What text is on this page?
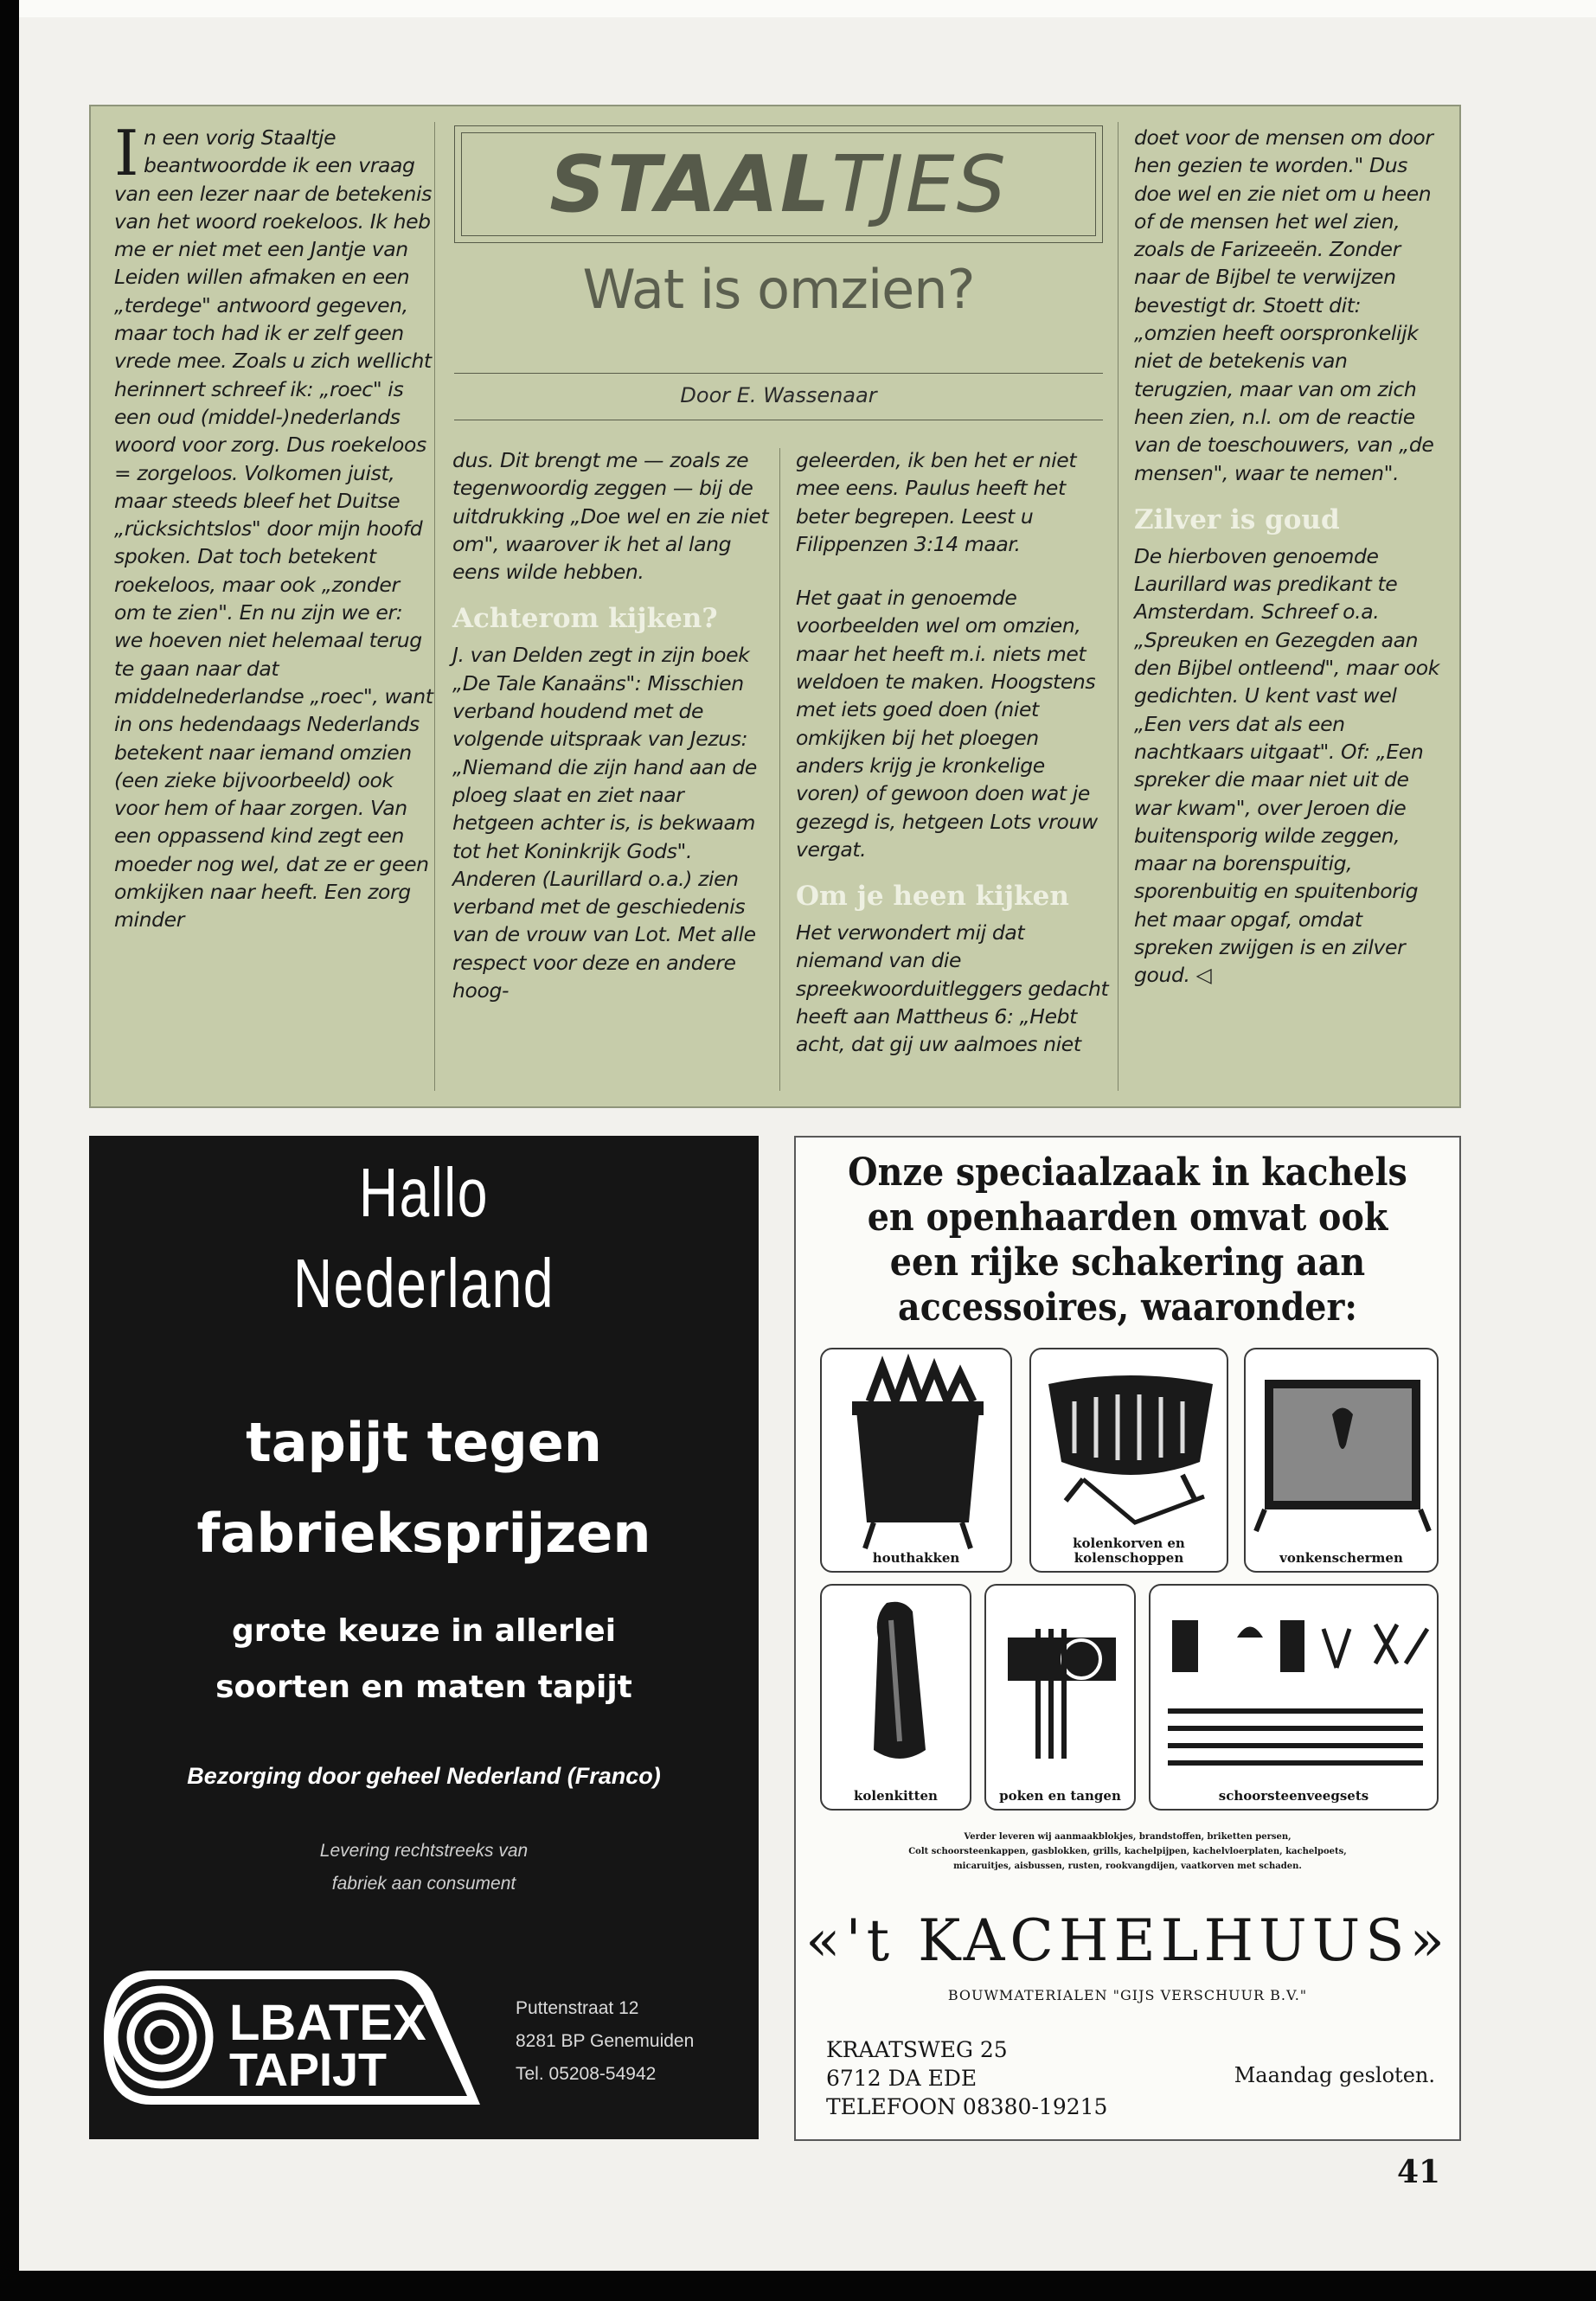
In een vorig Staaltje beantwoordde ik een vraag van een lezer naar de betekenis van het woord roekeloos. Ik heb me er niet met een Jantje van Leiden willen afmaken en een „terdege" antwoord gegeven, maar toch had ik er zelf geen vrede mee. Zoals u zich wellicht herinnert schreef ik: „roec" is een oud (middel-)nederlands woord voor zorg. Dus roekeloos = zorgeloos. Volkomen juist, maar steeds bleef het Duitse „rücksichtslos" door mijn hoofd spoken. Dat toch betekent roekeloos, maar ook „zonder om te zien". En nu zijn we er: we hoeven niet helemaal terug te gaan naar dat middelnederlandse „roec", want in ons hedendaags Nederlands betekent naar iemand omzien (een zieke bijvoorbeeld) ook voor hem of haar zorgen. Van een oppassend kind zegt een moeder nog wel, dat ze er geen omkijken naar heeft. Een zorg minder

STAALTJES
Wat is omzien?
Door E. Wassenaar

dus. Dit brengt me — zoals ze tegenwoordig zeggen — bij de uitdrukking „Doe wel en zie niet om", waarover ik het al lang eens wilde hebben.

Achterom kijken?

J. van Delden zegt in zijn boek „De Tale Kanaäns": Misschien verband houdend met de volgende uitspraak van Jezus: „Niemand die zijn hand aan de ploeg slaat en ziet naar hetgeen achter is, is bekwaam tot het Koninkrijk Gods". Anderen (Laurillard o.a.) zien verband met de geschiedenis van de vrouw van Lot. Met alle respect voor deze en andere hoog-

geleerden, ik ben het er niet mee eens. Paulus heeft het beter begrepen. Leest u Filippenzen 3:14 maar.

Het gaat in genoemde voorbeelden wel om omzien, maar het heeft m.i. niets met weldoen te maken. Hoogstens met iets goed doen (niet omkijken bij het ploegen anders krijg je kronkelige voren) of gewoon doen wat je gezegd is, hetgeen Lots vrouw vergat.

Om je heen kijken

Het verwondert mij dat niemand van die spreekwoorduitleggers gedacht heeft aan Mattheus 6: „Hebt acht, dat gij uw aalmoes niet

doet voor de mensen om door hen gezien te worden." Dus doe wel en zie niet om u heen of de mensen het wel zien, zoals de Farizeeën. Zonder naar de Bijbel te verwijzen bevestigt dr. Stoett dit: „omzien heeft oorspronkelijk niet de betekenis van terugzien, maar van om zich heen zien, n.l. om de reactie van de toeschouwers, van „de mensen", waar te nemen".

Zilver is goud

De hierboven genoemde Laurillard was predikant te Amsterdam. Schreef o.a. „Spreuken en Gezegden aan den Bijbel ontleend", maar ook gedichten. U kent vast wel „Een vers dat als een nachtkaars uitgaat". Of: „Een spreker die maar niet uit de war kwam", over Jeroen die buitensporig wilde zeggen, maar na borenspuitig, sporenbuitig en spuitenborig het maar opgaf, omdat spreken zwijgen is en zilver goud. ◁

Hallo
Nederland
tapijt tegen
fabrieksprijzen
grote keuze in allerlei
soorten en maten tapijt
Bezorging door geheel Nederland (Franco)
Levering rechtstreeks van
fabriek aan consument
LBATEX
TAPIJT
Puttenstraat 12
8281 BP Genemuiden
Tel. 05208-54942
Onze speciaalzaak in kachels en openhaarden omvat ook een rijke schakering aan accessoires, waaronder:
houthakken
kolenkorven en kolenschoppen	vonkenschermen
kolenkitten	poken en tangen	schoorsteenveegsets
Verder leveren wij aanmaakblokjes, brandstoffen, briketten persen,
Colt schoorsteenkappen, gasblokken, grills, kachelpijpen, kachelvloerplaten, kachelpoets,
micaruitjes, aisbussen, rusten, rookvangdijen, vaatkorven met schaden.
«'t KACHELHUUS»
BOUWMATERIALEN "GIJS VERSCHUUR B.V."
KRAATSWEG 25
6712 DA EDE
TELEFOON 08380-19215
Maandag gesloten.
41
